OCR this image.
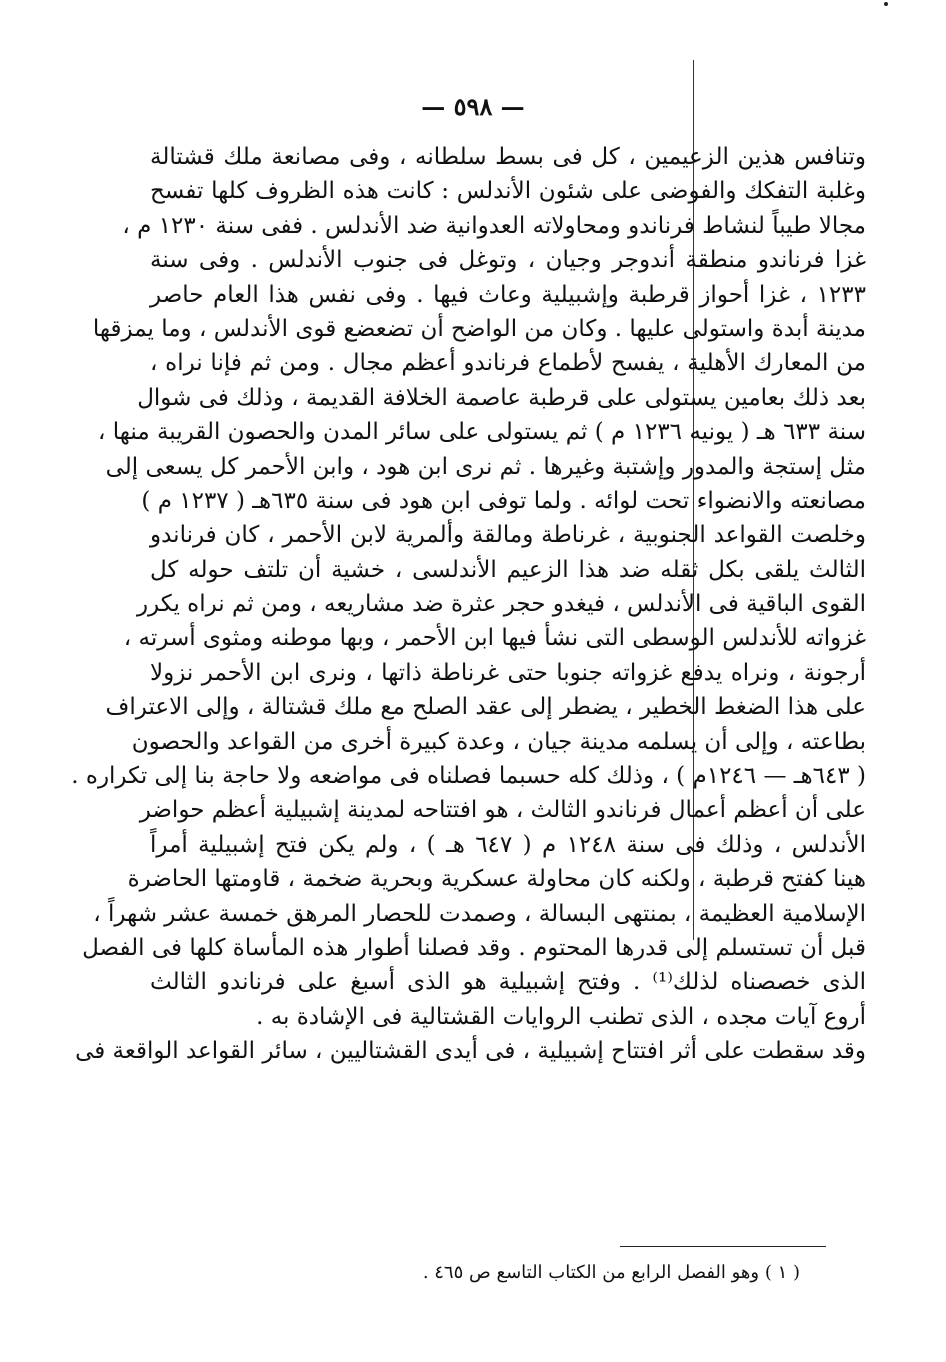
— ٥٩٨ —
وتنافس هذين الزعيمين ، كل فى بسط سلطانه ، وفى مصانعة ملك قشتالة
وغلبة التفكك والفوضى على شئون الأندلس : كانت هذه الظروف كلها تفسح
مجالا طيباً لنشاط فرناندو ومحاولاته العدوانية ضد الأندلس . ففى سنة ١٢٣٠ م ،
غزا فرناندو منطقة أندوجر وجيان ، وتوغل فى جنوب الأندلس . وفى سنة
١٢٣٣ ، غزا أحواز قرطبة وإشبيلية وعاث فيها . وفى نفس هذا العام حاصر
مدينة أبدة واستولى عليها . وكان من الواضح أن تضعضع قوى الأندلس ، وما يمزقها
من المعارك الأهلية ، يفسح لأطماع فرناندو أعظم مجال . ومن ثم فإنا نراه ،
بعد ذلك بعامين يستولى على قرطبة عاصمة الخلافة القديمة ، وذلك فى شوال
سنة ٦٣٣ هـ ( يونيه ١٢٣٦ م ) ثم يستولى على سائر المدن والحصون القريبة منها ،
مثل إستجة والمدور وإشتبة وغيرها . ثم نرى ابن هود ، وابن الأحمر كل يسعى إلى
مصانعته والانضواء تحت لوائه . ولما توفى ابن هود فى سنة ٦٣٥هـ ( ١٢٣٧ م )
وخلصت القواعد الجنوبية ، غرناطة ومالقة وألمرية لابن الأحمر ، كان فرناندو
الثالث يلقى بكل ثقله ضد هذا الزعيم الأندلسى ، خشية أن تلتف حوله كل
القوى الباقية فى الأندلس ، فيغدو حجر عثرة ضد مشاريعه ، ومن ثم نراه يكرر
غزواته للأندلس الوسطى التى نشأ فيها ابن الأحمر ، وبها موطنه ومثوى أسرته ،
أرجونة ، ونراه يدفع غزواته جنوبا حتى غرناطة ذاتها ، ونرى ابن الأحمر نزولا
على هذا الضغط الخطير ، يضطر إلى عقد الصلح مع ملك قشتالة ، وإلى الاعتراف
بطاعته ، وإلى أن يسلمه مدينة جيان ، وعدة كبيرة أخرى من القواعد والحصون
( ٦٤٣هـ — ١٢٤٦م ) ، وذلك كله حسبما فصلناه فى مواضعه ولا حاجة بنا إلى تكراره .
على أن أعظم أعمال فرناندو الثالث ، هو افتتاحه لمدينة إشبيلية أعظم حواضر
الأندلس ، وذلك فى سنة ١٢٤٨ م ( ٦٤٧ هـ ) ، ولم يكن فتح إشبيلية أمراً
هينا كفتح قرطبة ، ولكنه كان محاولة عسكرية وبحرية ضخمة ، قاومتها الحاضرة
الإسلامية العظيمة ، بمنتهى البسالة ، وصمدت للحصار المرهق خمسة عشر شهراً ،
قبل أن تستسلم إلى قدرها المحتوم . وقد فصلنا أطوار هذه المأساة كلها فى الفصل
الذى خصصناه لذلك⁽¹⁾ . وفتح إشبيلية هو الذى أسبغ على فرناندو الثالث
أروع آيات مجده ، الذى تطنب الروايات القشتالية فى الإشادة به .
وقد سقطت على أثر افتتاح إشبيلية ، فى أيدى القشتاليين ، سائر القواعد الواقعة فى
( ١ ) وهو الفصل الرابع من الكتاب التاسع ص ٤٦٥ .
